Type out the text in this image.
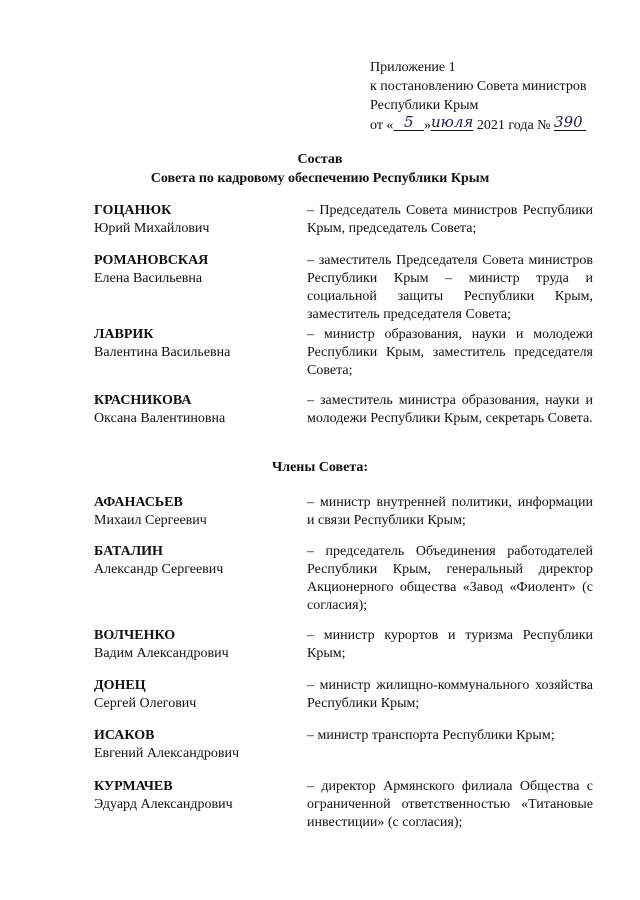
Приложение 1
к постановлению Совета министров
Республики Крым
от « 5 »июля 2021 года № 390
Состав
Совета по кадровому обеспечению Республики Крым
ГОЦАНЮК
Юрий Михайлович
– Председатель Совета министров Республики Крым, председатель Совета;
РОМАНОВСКАЯ
Елена Васильевна
– заместитель Председателя Совета министров Республики Крым – министр труда и социальной защиты Республики Крым, заместитель председателя Совета;
ЛАВРИК
Валентина Васильевна
– министр образования, науки и молодежи Республики Крым, заместитель председателя Совета;
КРАСНИКОВА
Оксана Валентиновна
– заместитель министра образования, науки и молодежи Республики Крым, секретарь Совета.
Члены Совета:
АФАНАСЬЕВ
Михаил Сергеевич
– министр внутренней политики, информации и связи Республики Крым;
БАТАЛИН
Александр Сергеевич
– председатель Объединения работодателей Республики Крым, генеральный директор Акционерного общества «Завод «Фиолент» (с согласия);
ВОЛЧЕНКО
Вадим Александрович
– министр курортов и туризма Республики Крым;
ДОНЕЦ
Сергей Олегович
– министр жилищно-коммунального хозяйства Республики Крым;
ИСАКОВ
Евгений Александрович
– министр транспорта Республики Крым;
КУРМАЧЕВ
Эдуард Александрович
– директор Армянского филиала Общества с ограниченной ответственностью «Титановые инвестиции» (с согласия);
